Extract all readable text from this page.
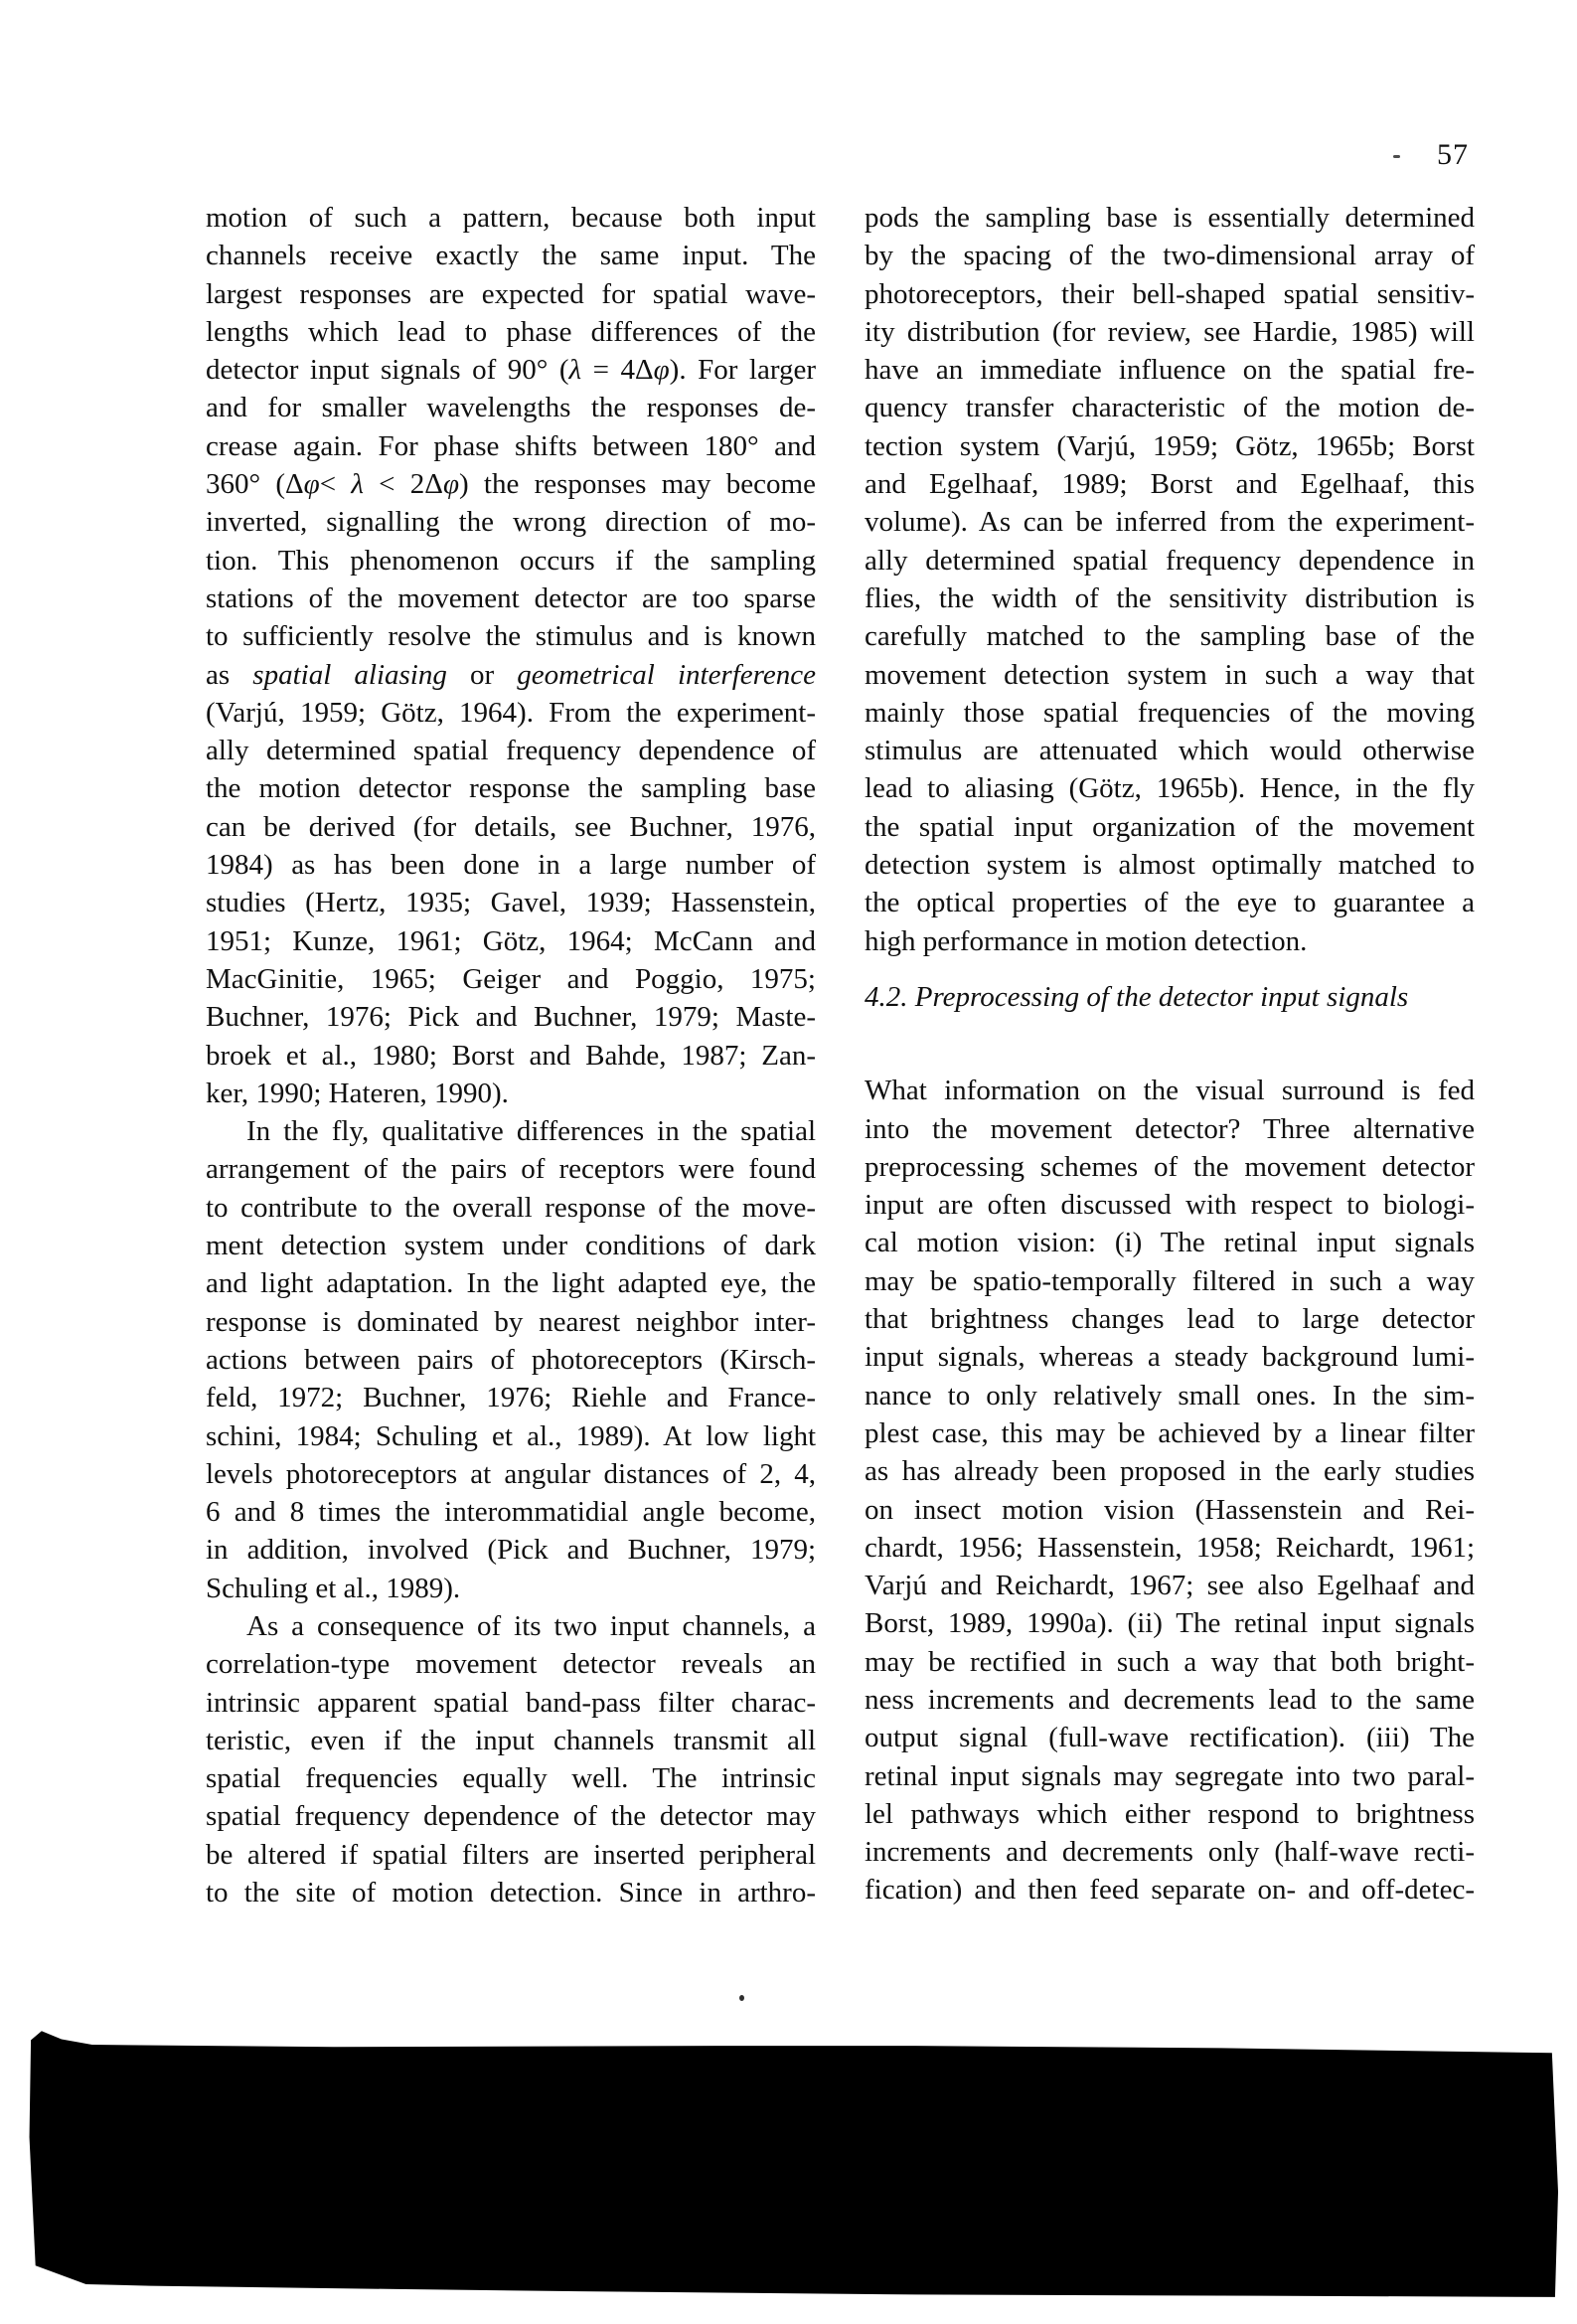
57
motion of such a pattern, because both input
channels receive exactly the same input. The
largest responses are expected for spatial wave-
lengths which lead to phase differences of the
detector input signals of 90° (λ = 4Δφ). For larger
and for smaller wavelengths the responses de-
crease again. For phase shifts between 180° and
360° (Δφ< λ < 2Δφ) the responses may become
inverted, signalling the wrong direction of mo-
tion. This phenomenon occurs if the sampling
stations of the movement detector are too sparse
to sufficiently resolve the stimulus and is known
as spatial aliasing or geometrical interference
(Varjú, 1959; Götz, 1964). From the experiment-
ally determined spatial frequency dependence of
the motion detector response the sampling base
can be derived (for details, see Buchner, 1976,
1984) as has been done in a large number of
studies (Hertz, 1935; Gavel, 1939; Hassenstein,
1951; Kunze, 1961; Götz, 1964; McCann and
MacGinitie, 1965; Geiger and Poggio, 1975;
Buchner, 1976; Pick and Buchner, 1979; Maste-
broek et al., 1980; Borst and Bahde, 1987; Zan-
ker, 1990; Hateren, 1990).
In the fly, qualitative differences in the spatial
arrangement of the pairs of receptors were found
to contribute to the overall response of the move-
ment detection system under conditions of dark
and light adaptation. In the light adapted eye, the
response is dominated by nearest neighbor inter-
actions between pairs of photoreceptors (Kirsch-
feld, 1972; Buchner, 1976; Riehle and France-
schini, 1984; Schuling et al., 1989). At low light
levels photoreceptors at angular distances of 2, 4,
6 and 8 times the interommatidial angle become,
in addition, involved (Pick and Buchner, 1979;
Schuling et al., 1989).
As a consequence of its two input channels, a
correlation-type movement detector reveals an
intrinsic apparent spatial band-pass filter charac-
teristic, even if the input channels transmit all
spatial frequencies equally well. The intrinsic
spatial frequency dependence of the detector may
be altered if spatial filters are inserted peripheral
to the site of motion detection. Since in arthro-
pods the sampling base is essentially determined
by the spacing of the two-dimensional array of
photoreceptors, their bell-shaped spatial sensitiv-
ity distribution (for review, see Hardie, 1985) will
have an immediate influence on the spatial fre-
quency transfer characteristic of the motion de-
tection system (Varjú, 1959; Götz, 1965b; Borst
and Egelhaaf, 1989; Borst and Egelhaaf, this
volume). As can be inferred from the experiment-
ally determined spatial frequency dependence in
flies, the width of the sensitivity distribution is
carefully matched to the sampling base of the
movement detection system in such a way that
mainly those spatial frequencies of the moving
stimulus are attenuated which would otherwise
lead to aliasing (Götz, 1965b). Hence, in the fly
the spatial input organization of the movement
detection system is almost optimally matched to
the optical properties of the eye to guarantee a
high performance in motion detection.
4.2. Preprocessing of the detector input signals
What information on the visual surround is fed
into the movement detector? Three alternative
preprocessing schemes of the movement detector
input are often discussed with respect to biologi-
cal motion vision: (i) The retinal input signals
may be spatio-temporally filtered in such a way
that brightness changes lead to large detector
input signals, whereas a steady background lumi-
nance to only relatively small ones. In the sim-
plest case, this may be achieved by a linear filter
as has already been proposed in the early studies
on insect motion vision (Hassenstein and Rei-
chardt, 1956; Hassenstein, 1958; Reichardt, 1961;
Varjú and Reichardt, 1967; see also Egelhaaf and
Borst, 1989, 1990a). (ii) The retinal input signals
may be rectified in such a way that both bright-
ness increments and decrements lead to the same
output signal (full-wave rectification). (iii) The
retinal input signals may segregate into two paral-
lel pathways which either respond to brightness
increments and decrements only (half-wave recti-
fication) and then feed separate on- and off-detec-
